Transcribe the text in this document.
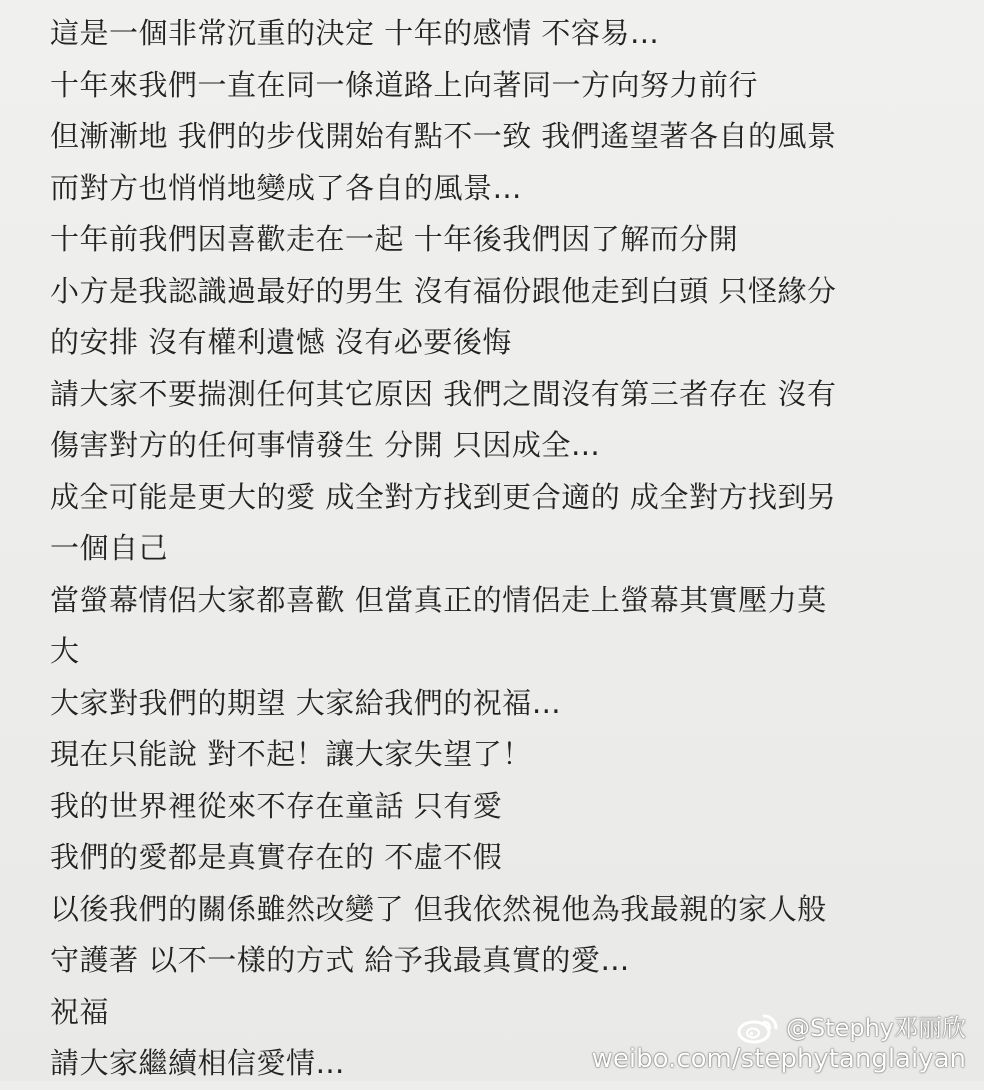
這是一個非常沉重的決定 十年的感情 不容易…
十年來我們一直在同一條道路上向著同一方向努力前行
但漸漸地 我們的步伐開始有點不一致 我們遙望著各自的風景
而對方也悄悄地變成了各自的風景…
十年前我們因喜歡走在一起 十年後我們因了解而分開
小方是我認識過最好的男生 沒有福份跟他走到白頭 只怪緣分
的安排 沒有權利遺憾 沒有必要後悔
請大家不要揣測任何其它原因 我們之間沒有第三者存在 沒有
傷害對方的任何事情發生 分開 只因成全…
成全可能是更大的愛 成全對方找到更合適的 成全對方找到另
一個自己
當螢幕情侶大家都喜歡 但當真正的情侶走上螢幕其實壓力莫
大
大家對我們的期望 大家給我們的祝福…
現在只能說 對不起！讓大家失望了！
我的世界裡從來不存在童話 只有愛
我們的愛都是真實存在的 不虛不假
以後我們的關係雖然改變了 但我依然視他為我最親的家人般
守護著 以不一樣的方式 給予我最真實的愛…
祝福
請大家繼續相信愛情…
@Stephy邓丽欣
weibo.com/stephytanglaiyan
